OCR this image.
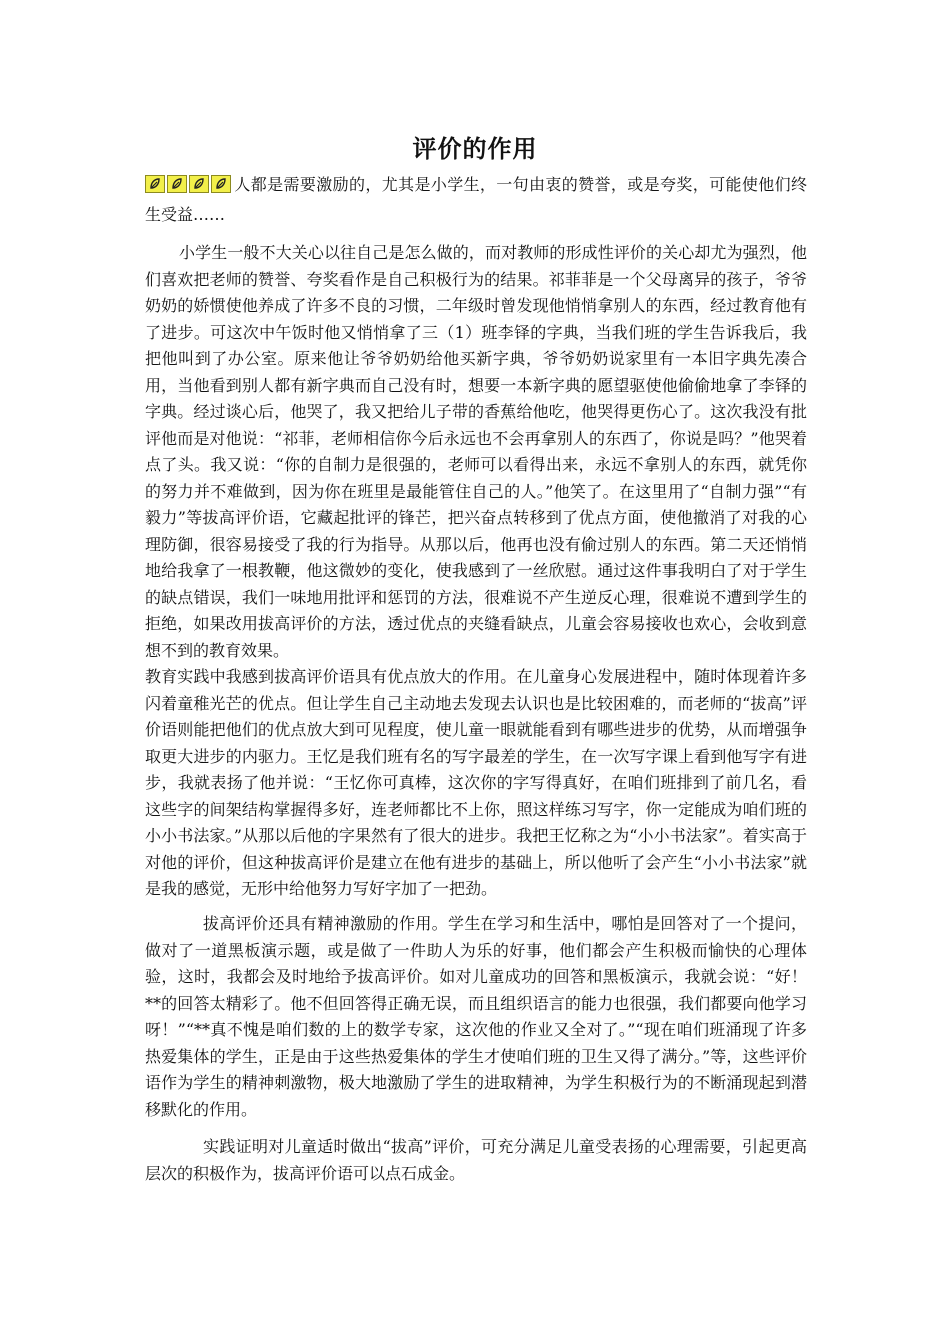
评价的作用

人都是需要激励的，尤其是小学生，一句由衷的赞誉，或是夸奖，可能使他们终生受益……

小学生一般不大关心以往自己是怎么做的，而对教师的形成性评价的关心却尤为强烈，他们喜欢把老师的赞誉、夸奖看作是自己积极行为的结果。祁菲菲是一个父母离异的孩子，爷爷奶奶的娇惯使他养成了许多不良的习惯，二年级时曾发现他悄悄拿别人的东西，经过教育他有了进步。可这次中午饭时他又悄悄拿了三（1）班李铎的字典，当我们班的学生告诉我后，我把他叫到了办公室。原来他让爷爷奶奶给他买新字典，爷爷奶奶说家里有一本旧字典先凑合用，当他看到别人都有新字典而自己没有时，想要一本新字典的愿望驱使他偷偷地拿了李铎的字典。经过谈心后，他哭了，我又把给儿子带的香蕉给他吃，他哭得更伤心了。这次我没有批评他而是对他说：“祁菲，老师相信你今后永远也不会再拿别人的东西了，你说是吗？”他哭着点了头。我又说：“你的自制力是很强的，老师可以看得出来，永远不拿别人的东西，就凭你的努力并不难做到，因为你在班里是最能管住自己的人。”他笑了。在这里用了“自制力强”“有毅力”等拔高评价语，它藏起批评的锋芒，把兴奋点转移到了优点方面，使他撤消了对我的心理防御，很容易接受了我的行为指导。从那以后，他再也没有偷过别人的东西。第二天还悄悄地给我拿了一根教鞭，他这微妙的变化，使我感到了一丝欣慰。通过这件事我明白了对于学生的缺点错误，我们一味地用批评和惩罚的方法，很难说不产生逆反心理，很难说不遭到学生的拒绝，如果改用拔高评价的方法，透过优点的夹缝看缺点，儿童会容易接收也欢心，会收到意想不到的教育效果。

教育实践中我感到拔高评价语具有优点放大的作用。在儿童身心发展进程中，随时体现着许多闪着童稚光芒的优点。但让学生自己主动地去发现去认识也是比较困难的，而老师的“拔高”评价语则能把他们的优点放大到可见程度，使儿童一眼就能看到有哪些进步的优势，从而增强争取更大进步的内驱力。王忆是我们班有名的写字最差的学生，在一次写字课上看到他写字有进步，我就表扬了他并说：“王忆你可真棒，这次你的字写得真好，在咱们班排到了前几名，看这些字的间架结构掌握得多好，连老师都比不上你，照这样练习写字，你一定能成为咱们班的小小书法家。”从那以后他的字果然有了很大的进步。我把王忆称之为“小小书法家”。着实高于对他的评价，但这种拔高评价是建立在他有进步的基础上，所以他听了会产生“小小书法家”就是我的感觉，无形中给他努力写好字加了一把劲。

拔高评价还具有精神激励的作用。学生在学习和生活中，哪怕是回答对了一个提问，做对了一道黑板演示题，或是做了一件助人为乐的好事，他们都会产生积极而愉快的心理体验，这时，我都会及时地给予拔高评价。如对儿童成功的回答和黑板演示，我就会说：“好！**的回答太精彩了。他不但回答得正确无误，而且组织语言的能力也很强，我们都要向他学习呀！”“**真不愧是咱们数的上的数学专家，这次他的作业又全对了。”“现在咱们班涌现了许多热爱集体的学生，正是由于这些热爱集体的学生才使咱们班的卫生又得了满分。”等，这些评价语作为学生的精神刺激物，极大地激励了学生的进取精神，为学生积极行为的不断涌现起到潜移默化的作用。

实践证明对儿童适时做出“拔高”评价，可充分满足儿童受表扬的心理需要，引起更高层次的积极作为，拔高评价语可以点石成金。
